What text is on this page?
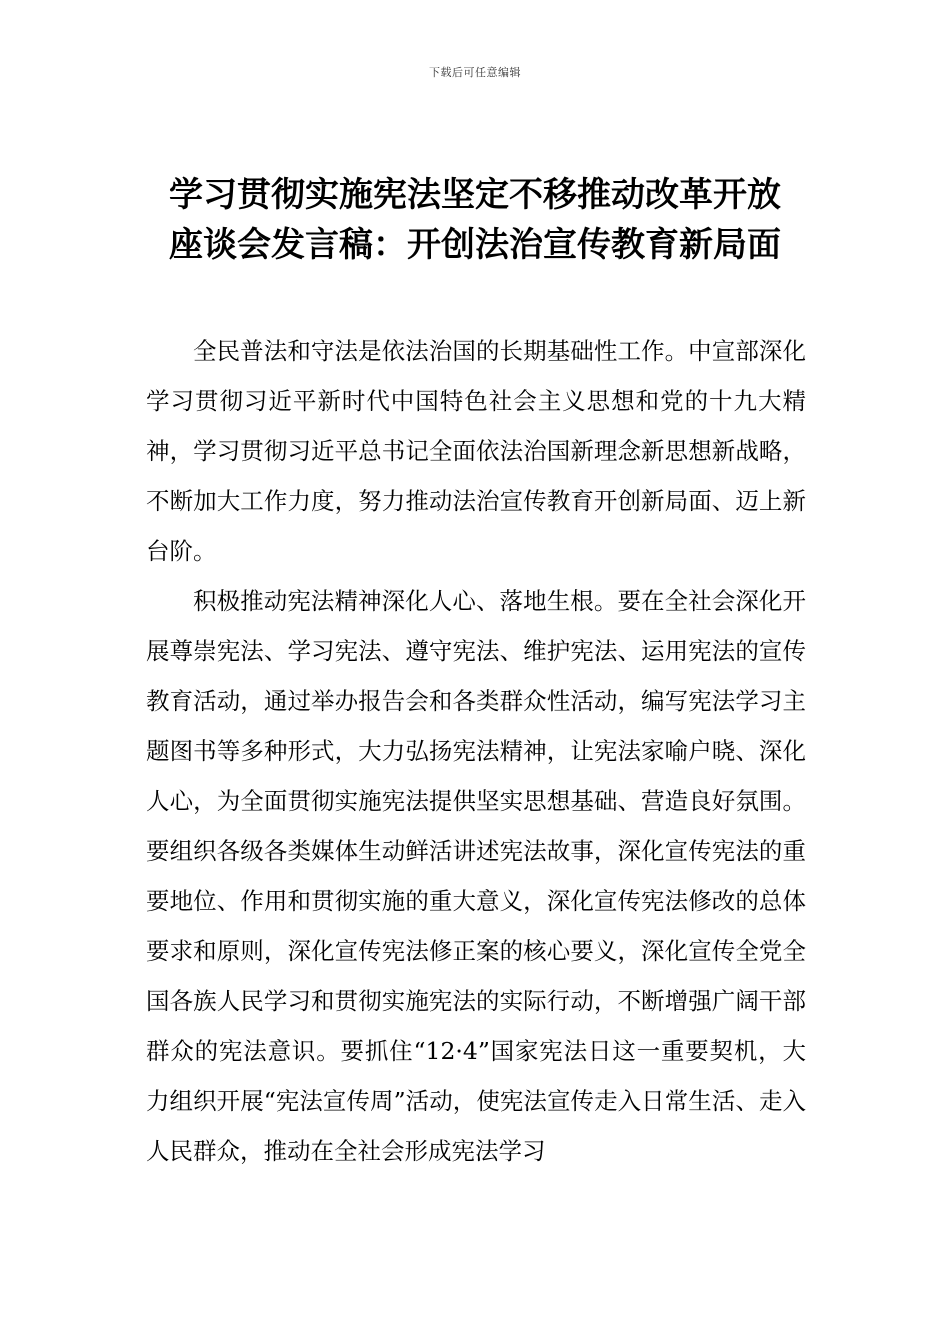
下载后可任意编辑
学习贯彻实施宪法坚定不移推动改革开放
座谈会发言稿：开创法治宣传教育新局面

全民普法和守法是依法治国的长期基础性工作。中宣部深化学习贯彻习近平新时代中国特色社会主义思想和党的十九大精神，学习贯彻习近平总书记全面依法治国新理念新思想新战略，不断加大工作力度，努力推动法治宣传教育开创新局面、迈上新台阶。

积极推动宪法精神深化人心、落地生根。要在全社会深化开展尊崇宪法、学习宪法、遵守宪法、维护宪法、运用宪法的宣传教育活动，通过举办报告会和各类群众性活动，编写宪法学习主题图书等多种形式，大力弘扬宪法精神，让宪法家喻户晓、深化人心，为全面贯彻实施宪法提供坚实思想基础、营造良好氛围。要组织各级各类媒体生动鲜活讲述宪法故事，深化宣传宪法的重要地位、作用和贯彻实施的重大意义，深化宣传宪法修改的总体要求和原则，深化宣传宪法修正案的核心要义，深化宣传全党全国各族人民学习和贯彻实施宪法的实际行动，不断增强广阔干部群众的宪法意识。要抓住“12·4”国家宪法日这一重要契机，大力组织开展“宪法宣传周”活动，使宪法宣传走入日常生活、走入人民群众，推动在全社会形成宪法学习
